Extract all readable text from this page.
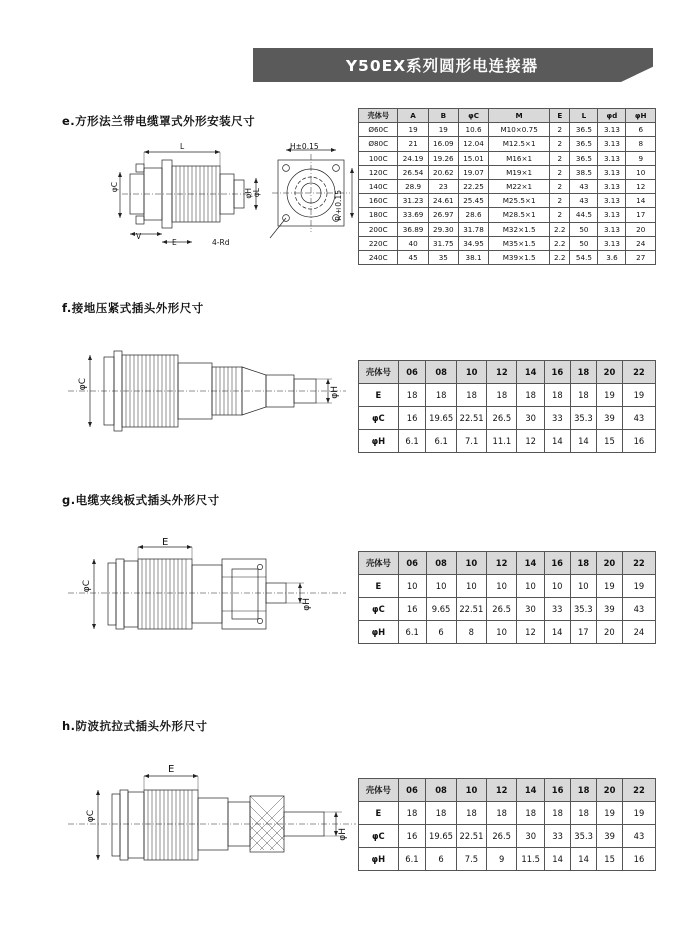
Y50EX系列圆形电连接器
e.方形法兰带电缆罩式外形安装尺寸
L
E
V
H±0.15
R±0.15
φC
φH φL
4-Rd
壳体号	A	B	φC	M	E	L	φd	φH
Ø60C	19	19	10.6	M10×0.75	2	36.5	3.13	6
Ø80C	21	16.09	12.04	M12.5×1	2	36.5	3.13	8
100C	24.19	19.26	15.01	M16×1	2	36.5	3.13	9
120C	26.54	20.62	19.07	M19×1	2	38.5	3.13	10
140C	28.9	23	22.25	M22×1	2	43	3.13	12
160C	31.23	24.61	25.45	M25.5×1	2	43	3.13	14
180C	33.69	26.97	28.6	M28.5×1	2	44.5	3.13	17
200C	36.89	29.30	31.78	M32×1.5	2.2	50	3.13	20
220C	40	31.75	34.95	M35×1.5	2.2	50	3.13	24
240C	45	35	38.1	M39×1.5	2.2	54.5	3.6	27
f.接地压紧式插头外形尺寸
φC
φH
壳体号	06	08	10	12	14	16	18	20	22
E	18	18	18	18	18	18	18	19	19
φC	16	19.65	22.51	26.5	30	33	35.3	39	43
φH	6.1	6.1	7.1	11.1	12	14	14	15	16
g.电缆夹线板式插头外形尺寸
E
φC
φH
壳体号	06	08	10	12	14	16	18	20	22
E	10	10	10	10	10	10	10	19	19
φC	16	9.65	22.51	26.5	30	33	35.3	39	43
φH	6.1	6	8	10	12	14	17	20	24
h.防波抗拉式插头外形尺寸
E
φC
φH
壳体号	06	08	10	12	14	16	18	20	22
E	18	18	18	18	18	18	18	19	19
φC	16	19.65	22.51	26.5	30	33	35.3	39	43
φH	6.1	6	7.5	9	11.5	14	14	15	16
